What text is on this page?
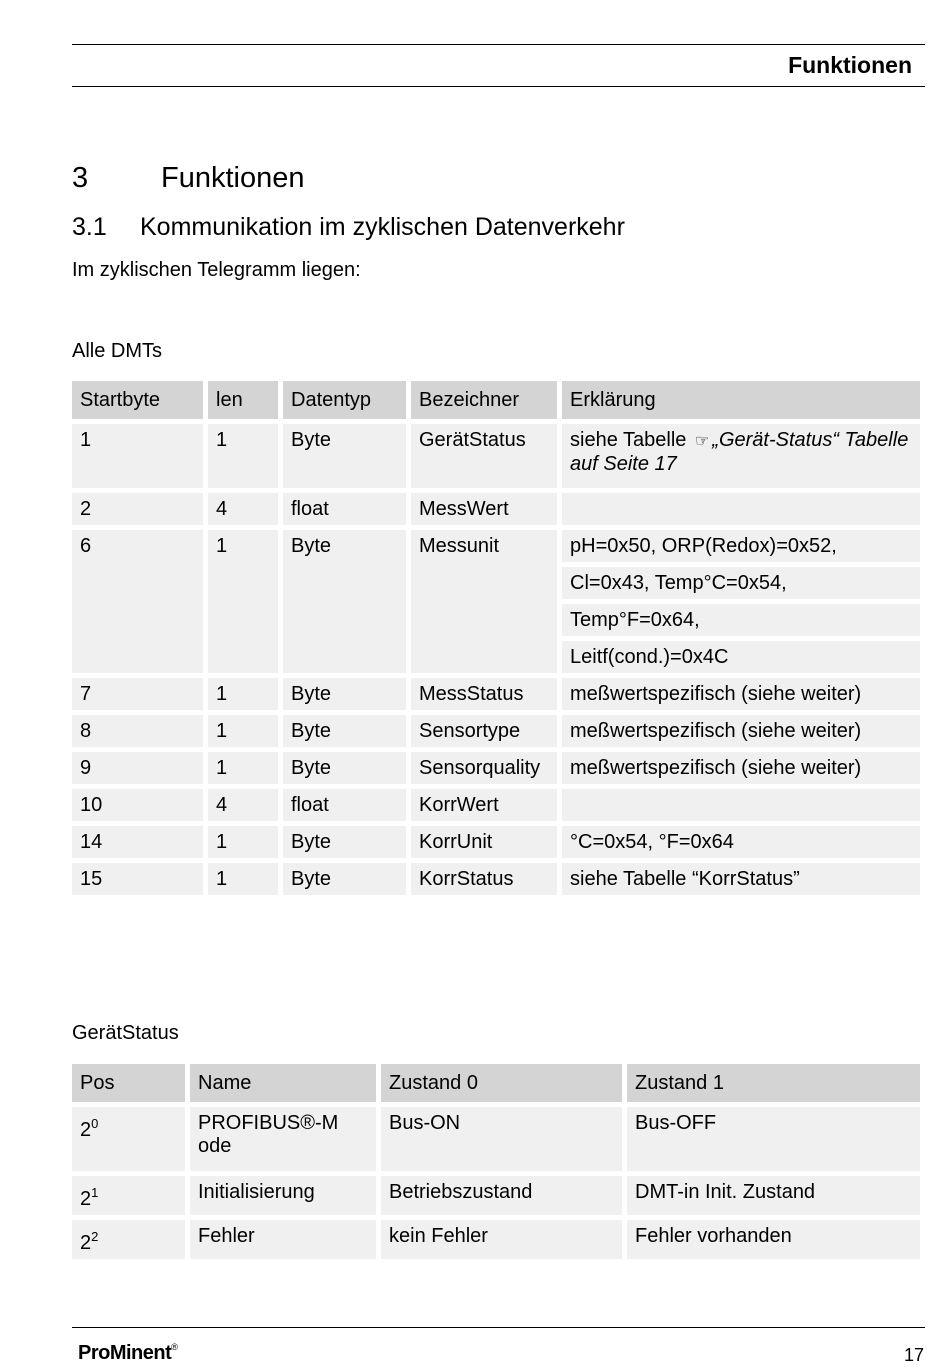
Funktionen
3	Funktionen
3.1 Kommunikation im zyklischen Datenverkehr
Im zyklischen Telegramm liegen:
Alle DMTs
Startbyte	len	Datentyp	Bezeichner	Erklärung
1	1	Byte	GerätStatus	siehe Tabelle ☞ „Gerät-Status“ Tabelle auf Seite 17
2	4	float	MessWert	
6	1	Byte	Messunit	pH=0x50, ORP(Redox)=0x52,
				Cl=0x43, Temp°C=0x54,
				Temp°F=0x64,
				Leitf(cond.)=0x4C
7	1	Byte	MessStatus	meßwertspezifisch (siehe weiter)
8	1	Byte	Sensortype	meßwertspezifisch (siehe weiter)
9	1	Byte	Sensorquality	meßwertspezifisch (siehe weiter)
10	4	float	KorrWert	
14	1	Byte	KorrUnit	°C=0x54, °F=0x64
15	1	Byte	KorrStatus	siehe Tabelle “KorrStatus”
GerätStatus
Pos	Name	Zustand 0	Zustand 1
$2^0$	PROFIBUS®-Mode	Bus-ON	Bus-OFF
$2^1$	Initialisierung	Betriebszustand	DMT-in Init. Zustand
$2^2$	Fehler	kein Fehler	Fehler vorhanden
ProMinent®	17
